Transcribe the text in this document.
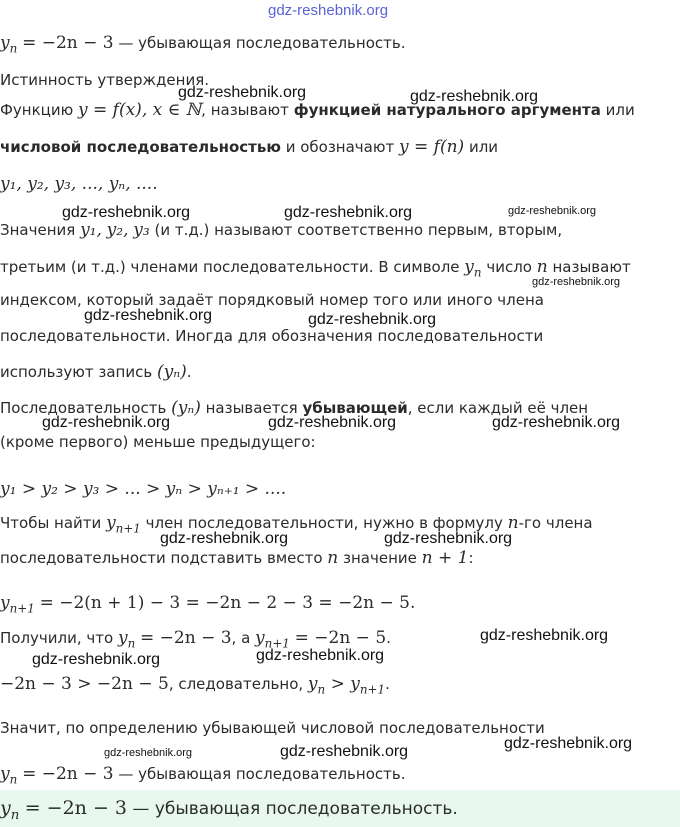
gdz-reshebnik.org
$y_n = -2n - 3$ — убывающая последовательность.
Истинность утверждения.
gdz-reshebnik.org	gdz-reshebnik.org
Функцию y = f(x), x ∈ ℕ, называют функцией натурального аргумента или
числовой последовательностью и обозначают y = f(n) или
y₁, y₂, y₃, ..., yₙ, ....
gdz-reshebnik.org	gdz-reshebnik.org	gdz-reshebnik.org
Значения y₁, y₂, y₃ (и т.д.) называют соответственно первым, вторым,
третьим (и т.д.) членами последовательности. В символе $y_n$ число n называют
gdz-reshebnik.org
индексом, который задаёт порядковый номер того или иного члена
gdz-reshebnik.org	gdz-reshebnik.org
последовательности. Иногда для обозначения последовательности
используют запись (yₙ).
Последовательность (yₙ) называется убывающей, если каждый её член
gdz-reshebnik.org	gdz-reshebnik.org	gdz-reshebnik.org
(кроме первого) меньше предыдущего:
y₁ > y₂ > y₃ > ... > yₙ > yₙ₊₁ > ....
Чтобы найти $y_{n+1}$ член последовательности, нужно в формулу n-го члена
gdz-reshebnik.org	gdz-reshebnik.org
последовательности подставить вместо n значение n + 1:
$y_{n+1} = -2(n + 1) - 3 = -2n - 2 - 3 = -2n - 5$.
Получили, что $y_n = -2n - 3$, а $y_{n+1} = -2n - 5$.	gdz-reshebnik.org
gdz-reshebnik.org	gdz-reshebnik.org
−2n − 3 > −2n − 5, следовательно, $y_n > y_{n+1}$.
Значит, по определению убывающей числовой последовательности
gdz-reshebnik.org	gdz-reshebnik.org	gdz-reshebnik.org
$y_n = -2n - 3$ — убывающая последовательность.
$y_n = -2n - 3$ — убывающая последовательность.
